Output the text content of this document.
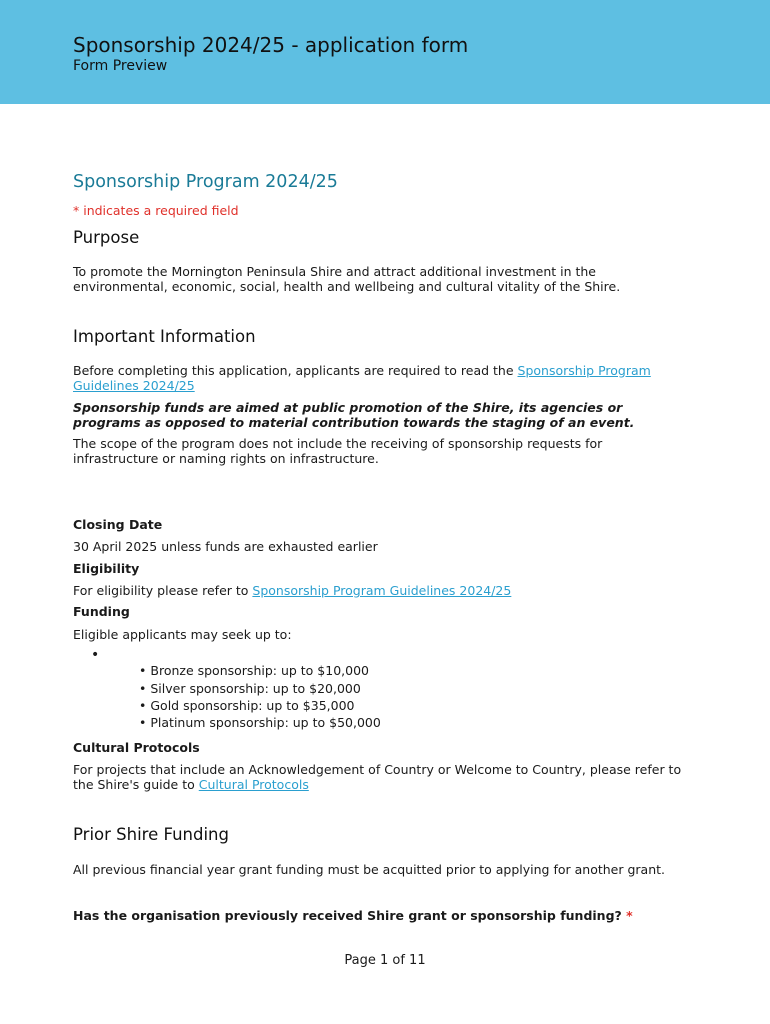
Sponsorship 2024/25 - application form
Form Preview
Sponsorship Program 2024/25
* indicates a required field
Purpose
To promote the Mornington Peninsula Shire and attract additional investment in the environmental, economic, social, health and wellbeing and cultural vitality of the Shire.
Important Information
Before completing this application, applicants are required to read the Sponsorship Program Guidelines 2024/25
Sponsorship funds are aimed at public promotion of the Shire, its agencies or programs as opposed to material contribution towards the staging of an event.
The scope of the program does not include the receiving of sponsorship requests for infrastructure or naming rights on infrastructure.
Closing Date
30 April 2025 unless funds are exhausted earlier
Eligibility
For eligibility please refer to Sponsorship Program Guidelines 2024/25
Funding
Eligible applicants may seek up to:
•
• Bronze sponsorship: up to $10,000
• Silver sponsorship: up to $20,000
• Gold sponsorship: up to $35,000
• Platinum sponsorship: up to $50,000
Cultural Protocols
For projects that include an Acknowledgement of Country or Welcome to Country, please refer to the Shire's guide to Cultural Protocols
Prior Shire Funding
All previous financial year grant funding must be acquitted prior to applying for another grant.
Has the organisation previously received Shire grant or sponsorship funding? *
Page 1 of 11
